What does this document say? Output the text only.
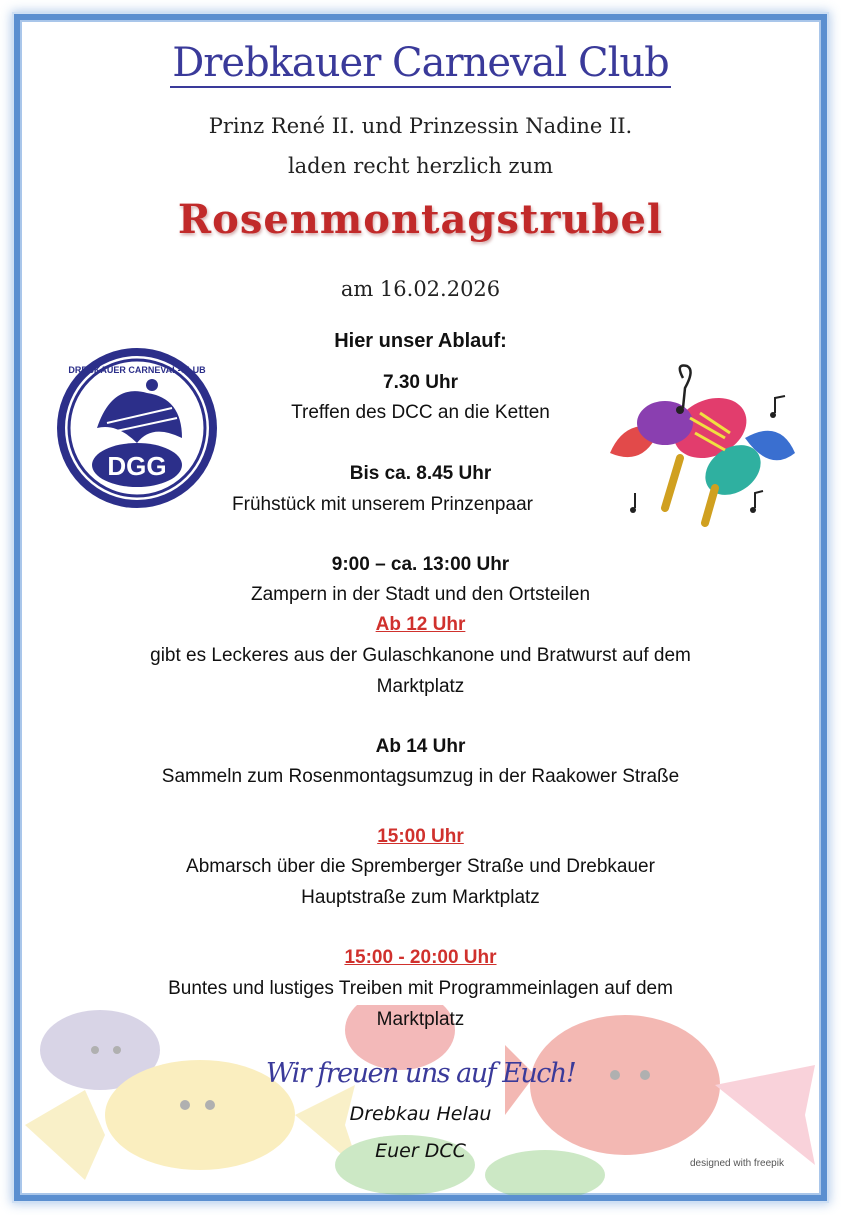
DGG
DREBKAUER CARNEVAL-CLUB
Drebkauer Carneval Club
Prinz René II. und Prinzessin Nadine II.
laden recht herzlich zum
Rosenmontagstrubel
am 16.02.2026
Hier unser Ablauf:
7.30 Uhr
Treffen des DCC an die Ketten
Bis ca. 8.45 Uhr
Frühstück mit unserem Prinzenpaar
9:00 – ca. 13:00 Uhr
Zampern in der Stadt und den Ortsteilen
Ab 12 Uhr
gibt es Leckeres aus der Gulaschkanone und Bratwurst auf dem
Marktplatz
Ab 14 Uhr
Sammeln zum Rosenmontagsumzug in der Raakower Straße
15:00 Uhr
Abmarsch über die Spremberger Straße und Drebkauer
Hauptstraße zum Marktplatz
15:00 - 20:00 Uhr
Buntes und lustiges Treiben mit Programmeinlagen auf dem
Marktplatz
Wir freuen uns auf Euch!
Drebkau Helau
Euer DCC
designed with freepik
